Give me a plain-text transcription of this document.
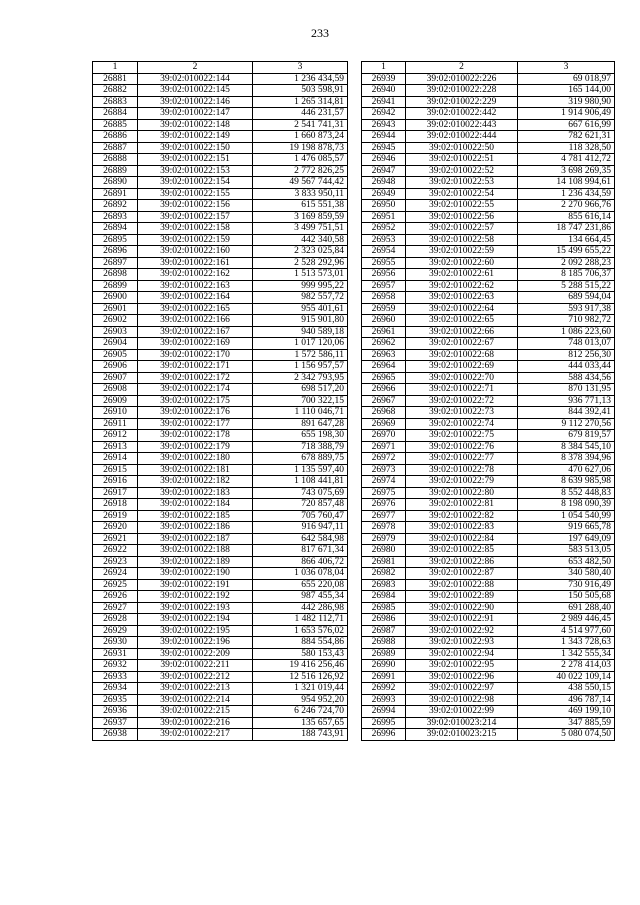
233
1	2	3
26881	39:02:010022:144	1 236 434,59
26882	39:02:010022:145	503 598,91
26883	39:02:010022:146	1 265 314,81
26884	39:02:010022:147	446 231,57
26885	39:02:010022:148	2 541 741,31
26886	39:02:010022:149	1 660 873,24
26887	39:02:010022:150	19 198 878,73
26888	39:02:010022:151	1 476 085,57
26889	39:02:010022:153	2 772 826,25
26890	39:02:010022:154	49 567 744,42
26891	39:02:010022:155	3 833 950,11
26892	39:02:010022:156	615 551,38
26893	39:02:010022:157	3 169 859,59
26894	39:02:010022:158	3 499 751,51
26895	39:02:010022:159	442 340,58
26896	39:02:010022:160	2 323 025,84
26897	39:02:010022:161	2 528 292,96
26898	39:02:010022:162	1 513 573,01
26899	39:02:010022:163	999 995,22
26900	39:02:010022:164	982 557,72
26901	39:02:010022:165	955 401,61
26902	39:02:010022:166	915 901,80
26903	39:02:010022:167	940 589,18
26904	39:02:010022:169	1 017 120,06
26905	39:02:010022:170	1 572 586,11
26906	39:02:010022:171	1 156 957,57
26907	39:02:010022:172	2 342 793,95
26908	39:02:010022:174	698 517,20
26909	39:02:010022:175	700 322,15
26910	39:02:010022:176	1 110 046,71
26911	39:02:010022:177	891 647,28
26912	39:02:010022:178	655 198,30
26913	39:02:010022:179	718 388,79
26914	39:02:010022:180	678 889,75
26915	39:02:010022:181	1 135 597,40
26916	39:02:010022:182	1 108 441,81
26917	39:02:010022:183	743 075,69
26918	39:02:010022:184	720 857,48
26919	39:02:010022:185	705 760,47
26920	39:02:010022:186	916 947,11
26921	39:02:010022:187	642 584,98
26922	39:02:010022:188	817 671,34
26923	39:02:010022:189	866 406,72
26924	39:02:010022:190	1 036 078,04
26925	39:02:010022:191	655 220,08
26926	39:02:010022:192	987 455,34
26927	39:02:010022:193	442 286,98
26928	39:02:010022:194	1 482 112,71
26929	39:02:010022:195	1 653 576,02
26930	39:02:010022:196	884 554,86
26931	39:02:010022:209	580 153,43
26932	39:02:010022:211	19 416 256,46
26933	39:02:010022:212	12 516 126,92
26934	39:02:010022:213	1 321 019,44
26935	39:02:010022:214	954 952,20
26936	39:02:010022:215	6 246 724,70
26937	39:02:010022:216	135 657,65
26938	39:02:010022:217	188 743,91
1	2	3
26939	39:02:010022:226	69 018,97
26940	39:02:010022:228	165 144,00
26941	39:02:010022:229	319 980,90
26942	39:02:010022:442	1 914 906,49
26943	39:02:010022:443	667 616,99
26944	39:02:010022:444	782 621,31
26945	39:02:010022:50	118 328,50
26946	39:02:010022:51	4 781 412,72
26947	39:02:010022:52	3 698 269,35
26948	39:02:010022:53	14 108 994,61
26949	39:02:010022:54	1 236 434,59
26950	39:02:010022:55	2 270 966,76
26951	39:02:010022:56	855 616,14
26952	39:02:010022:57	18 747 231,86
26953	39:02:010022:58	134 664,45
26954	39:02:010022:59	15 499 655,22
26955	39:02:010022:60	2 092 288,23
26956	39:02:010022:61	8 185 706,37
26957	39:02:010022:62	5 288 515,22
26958	39:02:010022:63	689 594,04
26959	39:02:010022:64	593 917,38
26960	39:02:010022:65	710 982,72
26961	39:02:010022:66	1 086 223,60
26962	39:02:010022:67	748 013,07
26963	39:02:010022:68	812 256,30
26964	39:02:010022:69	444 033,44
26965	39:02:010022:70	588 434,56
26966	39:02:010022:71	870 131,95
26967	39:02:010022:72	936 771,13
26968	39:02:010022:73	844 392,41
26969	39:02:010022:74	9 112 270,56
26970	39:02:010022:75	679 819,57
26971	39:02:010022:76	8 384 545,10
26972	39:02:010022:77	8 378 394,96
26973	39:02:010022:78	470 627,06
26974	39:02:010022:79	8 639 985,98
26975	39:02:010022:80	8 552 448,83
26976	39:02:010022:81	8 198 090,39
26977	39:02:010022:82	1 054 540,99
26978	39:02:010022:83	919 665,78
26979	39:02:010022:84	197 649,09
26980	39:02:010022:85	583 513,05
26981	39:02:010022:86	653 482,50
26982	39:02:010022:87	340 580,40
26983	39:02:010022:88	730 916,49
26984	39:02:010022:89	150 505,68
26985	39:02:010022:90	691 288,40
26986	39:02:010022:91	2 989 446,45
26987	39:02:010022:92	4 514 977,60
26988	39:02:010022:93	1 343 728,63
26989	39:02:010022:94	1 342 555,34
26990	39:02:010022:95	2 278 414,03
26991	39:02:010022:96	40 022 109,14
26992	39:02:010022:97	438 550,15
26993	39:02:010022:98	496 787,14
26994	39:02:010022:99	469 199,10
26995	39:02:010023:214	347 885,59
26996	39:02:010023:215	5 080 074,50
